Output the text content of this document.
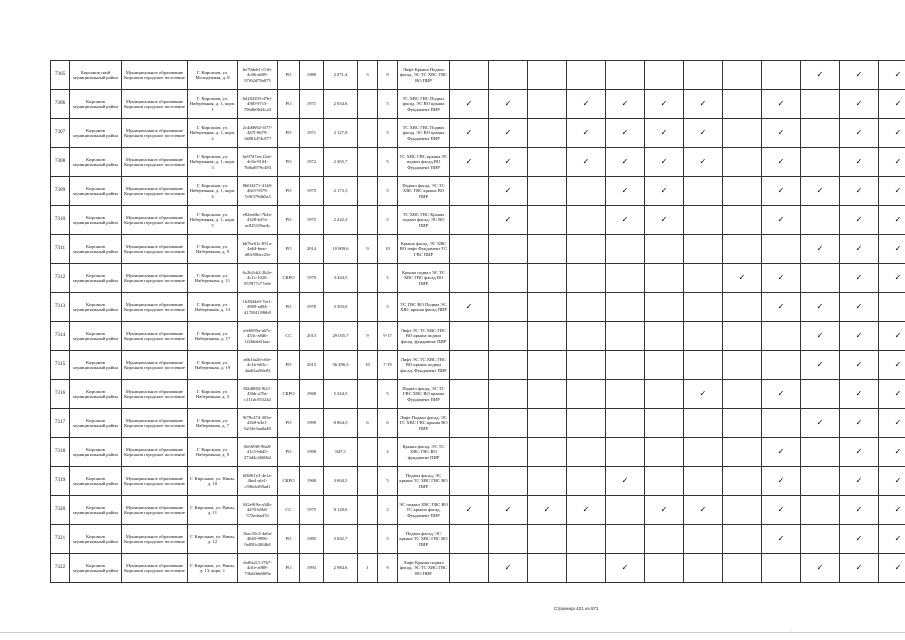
7305	Кирсанов ский муниципальный район	Муниципальное образование Кирсанов городское поселение	Г. Кирсанов, ул. Молодёжная, д. 8	be70deb1-f116-4c86-ab09-97f62d79a075	РО	1980	2 071,4	3	9	Лифт Крыша Подвал фасад, ЭС ТС ХВС ГВС ВО ПИР										✓	✓	✓
7306	Кирсанов муниципальный район	Муниципальное образование Кирсанов городское поселение	Г. Кирсанов, ул. Набережная, д. 1, корп. 1	6d182393-d7bf-49f0-9715-706db0644c24	РО	1971	2 034,6		5	ТС ХВС ГВС Подвал фасад, ЭС ВО крыша Фундамент ПИР	✓	✓		✓	✓	✓	✓		✓		✓	✓
7307	Кирсанов муниципальный район	Муниципальное образование Кирсанов городское поселение	Г. Кирсанов, ул. Набережная, д. 1, корп. 2	2c4d0692-f377-467f-8679-1d881d74c877	РО	1971	2 127,8		5	ТС ХВС ГВС Подвал фасад, ЭС ВО крыша Фундамент ПИР	✓	✓		✓	✓	✓	✓		✓		✓	✓
7308	Кирсанов муниципальный район	Муниципальное образование Кирсанов городское поселение	Г. Кирсанов, ул. Набережная, д. 1, корп. 3	be97d7ea-22af-4c9a-9104-7b8ad979c483	РО	1972	2 365,7		5	ТС ХВС ГВС крыша ЭС подвал фасад ВО Фундамент ПИР	✓	✓		✓	✓	✓	✓		✓		✓	✓
7309	Кирсанов муниципальный район	Муниципальное образование Кирсанов городское поселение	Г. Кирсанов, ул. Набережная, д. 1, корп. 4	8b0f3471-4140-46e5-9379-7e0f379db5a3	РО	1975	2 173,3		5	Подвал фасад, ЭС ТС ХВС ГВС крыша ВО ПИР		✓			✓	✓			✓	✓	✓	✓
7310	Кирсанов муниципальный район	Муниципальное образование Кирсанов городское поселение	Г. Кирсанов, ул. Набережная, д. 1, корп. 5	e82ea6bc-7b4a-4328-b47a-ac8251f9ae4c	РО	1975	2 242,3		5	ТС ХВС ГВС Крыша подвал фасад, ЭС ВО ПИР		✓			✓	✓			✓		✓	✓
7311	Кирсанов муниципальный район	Муниципальное образование Кирсанов городское поселение	Г. Кирсанов, ул. Набережная, д. 9	bb7bc61c-851a-4a64-beac-d0fe58bec25e	РО	2014	10 809,6	9	10	Крыша фасад, ЭС ХВС ВО лифт Фундамент ТС ГВС ПИР										✓	✓	✓
7312	Кирсанов муниципальный район	Муниципальное образование Кирсанов городское поселение	Г. Кирсанов, ул. Набережная, д. 11	6c2b2cb2-2b2e-4c1c-1026-057877c77a6e	СКРО	1979	3 444,5		5	Крыша подвал ЭС ТС ХВС ГВС фасад ВО ПИР								✓	✓		✓	✓
7313	Кирсанов муниципальный район	Муниципальное образование Кирсанов городское поселение	Г. Кирсанов, ул. Набережная, д. 13	1b3844e0-7ee1-4989-ad94-417f841396b9	РО	1978	3 393,6		5	ТС ГВС ВО Подвал ЭС ХВС крыша фасад ПИР	✓								✓	✓	✓	
7314	Кирсанов муниципальный район	Муниципальное образование Кирсанов городское поселение	Г. Кирсанов, ул. Набережная, д. 17	efe6095a-a67c-453c-a8d6-1f2b6ab01aac	СС	2013	29 035,7	9	9-17	Лифт ЭС ТС ХВС ГВС ВО крыша подвал фасад, фундамент ПИР										✓	✓	✓
7315	Кирсанов муниципальный район	Муниципальное образование Кирсанов городское поселение	Г. Кирсанов, ул. Набережная, д. 19	a6b1fa2d-c6fe-4c1b-b63c-4aa63a2f6e03	РО	2015	56 496,3	10	7-19	Лифт ЭС ТС ХВС ГВС ВО крыша подвал фасад, Фундамент ПИР										✓	✓	✓
7316	Кирсанов муниципальный район	Муниципальное образование Кирсанов городское поселение	Г. Кирсанов, ул. Набережная, д. 3	8f2d8f03-9f21-45bb-a70a-c111dc953244	СКРО	1968	5 344,5		5	Подвал фасад, ЭС ТС ГВС ХВС ВО крыша Фундамент ПИР							✓		✓		✓	✓
7317	Кирсанов муниципальный район	Муниципальное образование Кирсанов городское поселение	Г. Кирсанов, ул. Набережная, д. 7	9f78c474-303e-41b9-b3e1-6214e3aa6a48	РО	1999	8 864,5	6	6	Лифт Подвал фасад, ЭС ТС ХВС ГВС крыша ВО ПИР										✓	✓	✓
7318	Кирсанов муниципальный район	Муниципальное образование Кирсанов городское поселение	Г. Кирсанов, ул. Набережная, д. 9	0fe0f9f8-96a8-41c5-b6d5-373d4c2660b2	РО	1998	847,5		2	Крыша фасад, ЭС ТС ХВС ГВС ВО фундамент ПИР									✓		✓	✓
7319	Кирсанов муниципальный район	Муниципальное образование Кирсанов городское поселение	Г. Кирсанов, ул. Нины, д. 10	b0b9f1e3-4e1a-4be4-afe1-c59bdcf00ad1	СКРО	1968	3 694,5		5	Подвал фасад, ЭС крыша ТС ХВС ГВС ВО ПИР					✓				✓		✓	✓
7320	Кирсанов муниципальный район	Муниципальное образование Кирсанов городское поселение	Г. Кирсанов, ул. Нины, д. 11	042e9f9a-a34b-4d70-b5b6-572edaad7d	СС	1975	8 120,6		2	ЭС подвал ХВС ГВС ВО ТС крыша фасад, Фундамент ПИР	✓	✓	✓	✓		✓	✓		✓		✓	✓
7321	Кирсанов муниципальный район	Муниципальное образование Кирсанов городское поселение	Г. Кирсанов, ул. Нины, д. 12	1bac35c3-4a0a-4640-9996-0a850c28f4b8	РО	1985	3 842,7		5	Подвал фасад, ЭС крыша ТС ХВС ГВС ВО ПИР									✓		✓	✓
7322	Кирсанов муниципальный район	Муниципальное образование Кирсанов городское поселение	Г. Кирсанов, ул. Нины, д. 13, корп. 1	daf0a211-f7b7-4d1e-a988-736d2b6d8f9a	РО	1993	2 984,6	1	9	Лифт Крыша подвал фасад, ЭС ТС ХВС ГВС ВО ПИР		✓			✓					✓	✓	✓
Страница 421 из 571
·
